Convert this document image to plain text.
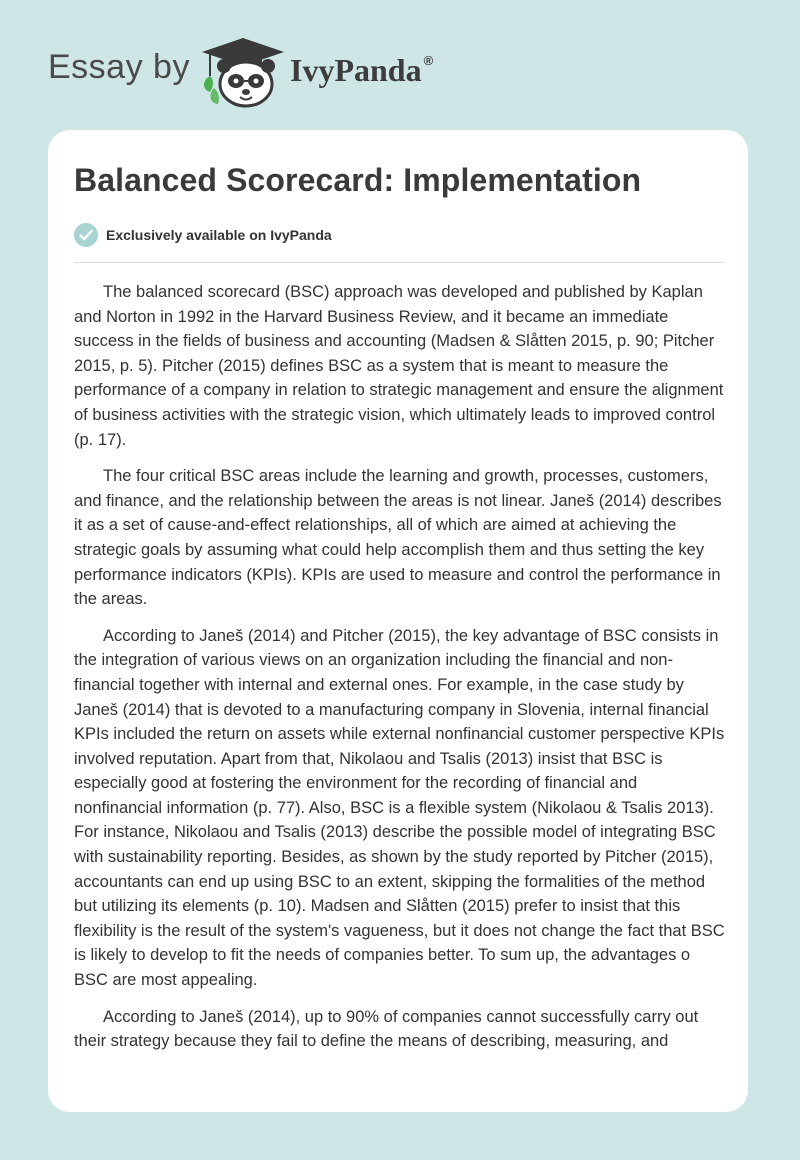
Essay by	IvyPanda ®
Balanced Scorecard: Implementation
Exclusively available on IvyPanda

The balanced scorecard (BSC) approach was developed and published by Kaplan and Norton in 1992 in the Harvard Business Review, and it became an immediate success in the fields of business and accounting (Madsen & Slåtten 2015, p. 90; Pitcher 2015, p. 5). Pitcher (2015) defines BSC as a system that is meant to measure the performance of a company in relation to strategic management and ensure the alignment of business activities with the strategic vision, which ultimately leads to improved control (p. 17).

The four critical BSC areas include the learning and growth, processes, customers, and finance, and the relationship between the areas is not linear. Janeš (2014) describes it as a set of cause-and-effect relationships, all of which are aimed at achieving the strategic goals by assuming what could help accomplish them and thus setting the key performance indicators (KPIs). KPIs are used to measure and control the performance in the areas.

According to Janeš (2014) and Pitcher (2015), the key advantage of BSC consists in the integration of various views on an organization including the financial and non-financial together with internal and external ones. For example, in the case study by Janeš (2014) that is devoted to a manufacturing company in Slovenia, internal financial KPIs included the return on assets while external nonfinancial customer perspective KPIs involved reputation. Apart from that, Nikolaou and Tsalis (2013) insist that BSC is especially good at fostering the environment for the recording of financial and nonfinancial information (p. 77). Also, BSC is a flexible system (Nikolaou & Tsalis 2013). For instance, Nikolaou and Tsalis (2013) describe the possible model of integrating BSC with sustainability reporting. Besides, as shown by the study reported by Pitcher (2015), accountants can end up using BSC to an extent, skipping the formalities of the method but utilizing its elements (p. 10). Madsen and Slåtten (2015) prefer to insist that this flexibility is the result of the system's vagueness, but it does not change the fact that BSC is likely to develop to fit the needs of companies better. To sum up, the advantages o BSC are most appealing.

According to Janeš (2014), up to 90% of companies cannot successfully carry out their strategy because they fail to define the means of describing, measuring, and
